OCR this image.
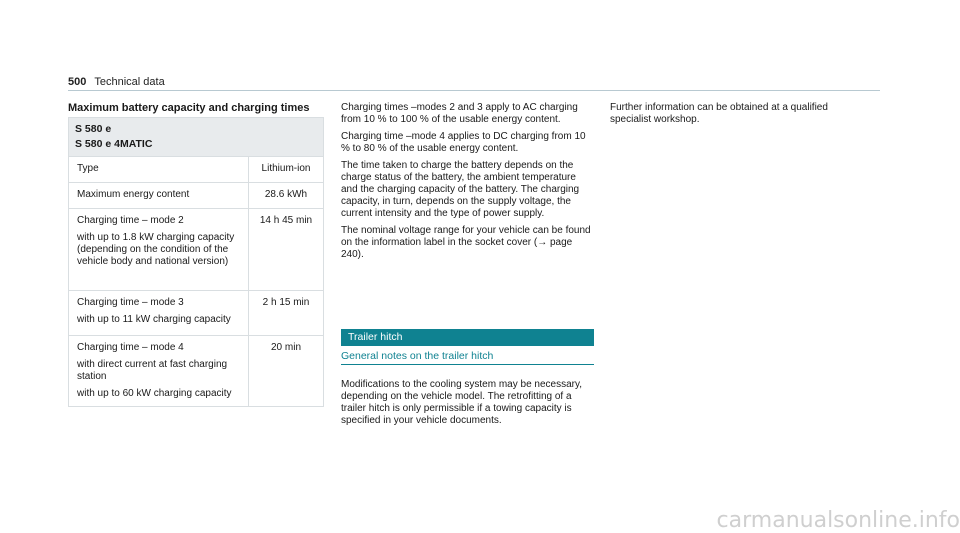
500 Technical data
Maximum battery capacity and charging times
S 580 e
S 580 e 4MATIC	

Type	Lithium-ion
Maximum energy content	28.6 kWh
Charging time – mode 2
with up to 1.8 kW charging capacity (depending on the condition of the vehicle body and national version)	14 h 45 min
Charging time – mode 3
with up to 11 kW charging capacity	2 h 15 min
Charging time – mode 4
with direct current at fast charging station
with up to 60 kW charging capacity	20 min

Charging times –modes 2 and 3 apply to AC charging from 10 % to 100 % of the usable energy content.

Charging time –mode 4 applies to DC charging from 10 % to 80 % of the usable energy content.

The time taken to charge the battery depends on the charge status of the battery, the ambient temperature and the charging capacity of the battery. The charging capacity, in turn, depends on the supply voltage, the current intensity and the type of power supply.

The nominal voltage range for your vehicle can be found on the information label in the socket cover (→ page 240).

Trailer hitch
General notes on the trailer hitch

Modifications to the cooling system may be necessary, depending on the vehicle model. The retrofitting of a trailer hitch is only permissible if a towing capacity is specified in your vehicle documents.

Further information can be obtained at a qualified specialist workshop.

carmanualsonline.info
